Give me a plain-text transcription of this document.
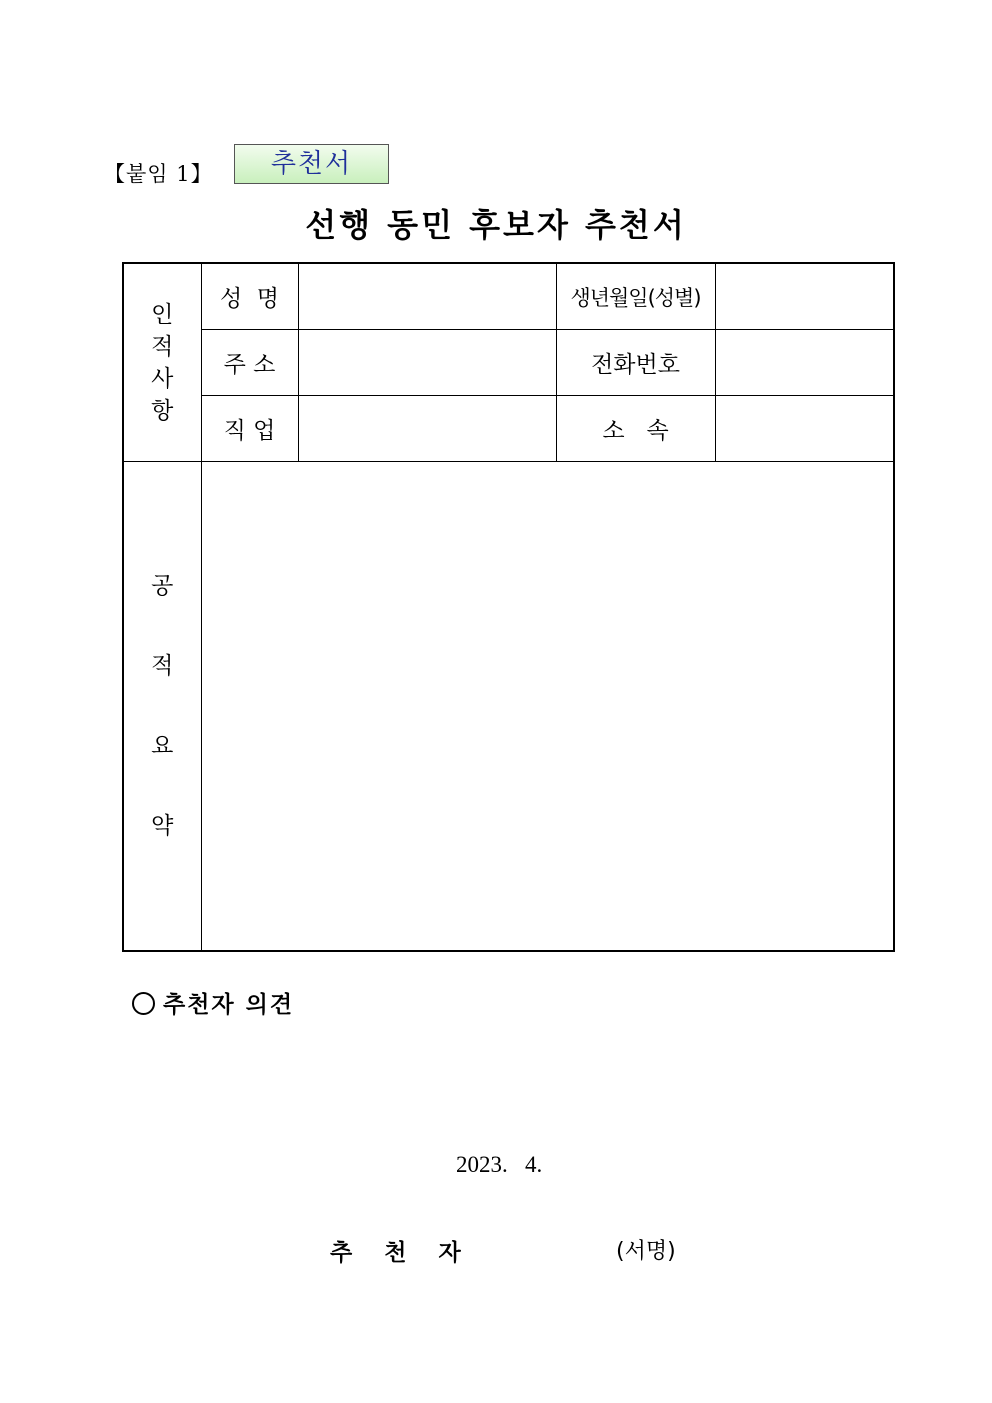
【붙임 1】	추천서
선행 동민 후보자 추천서
인적사항	성  명		생년월일(성별)	
	주 소		전화번호	
	직 업		소   속	
공적요약				
추천자 의견
2023.   4.
추 천 자	(서명)
